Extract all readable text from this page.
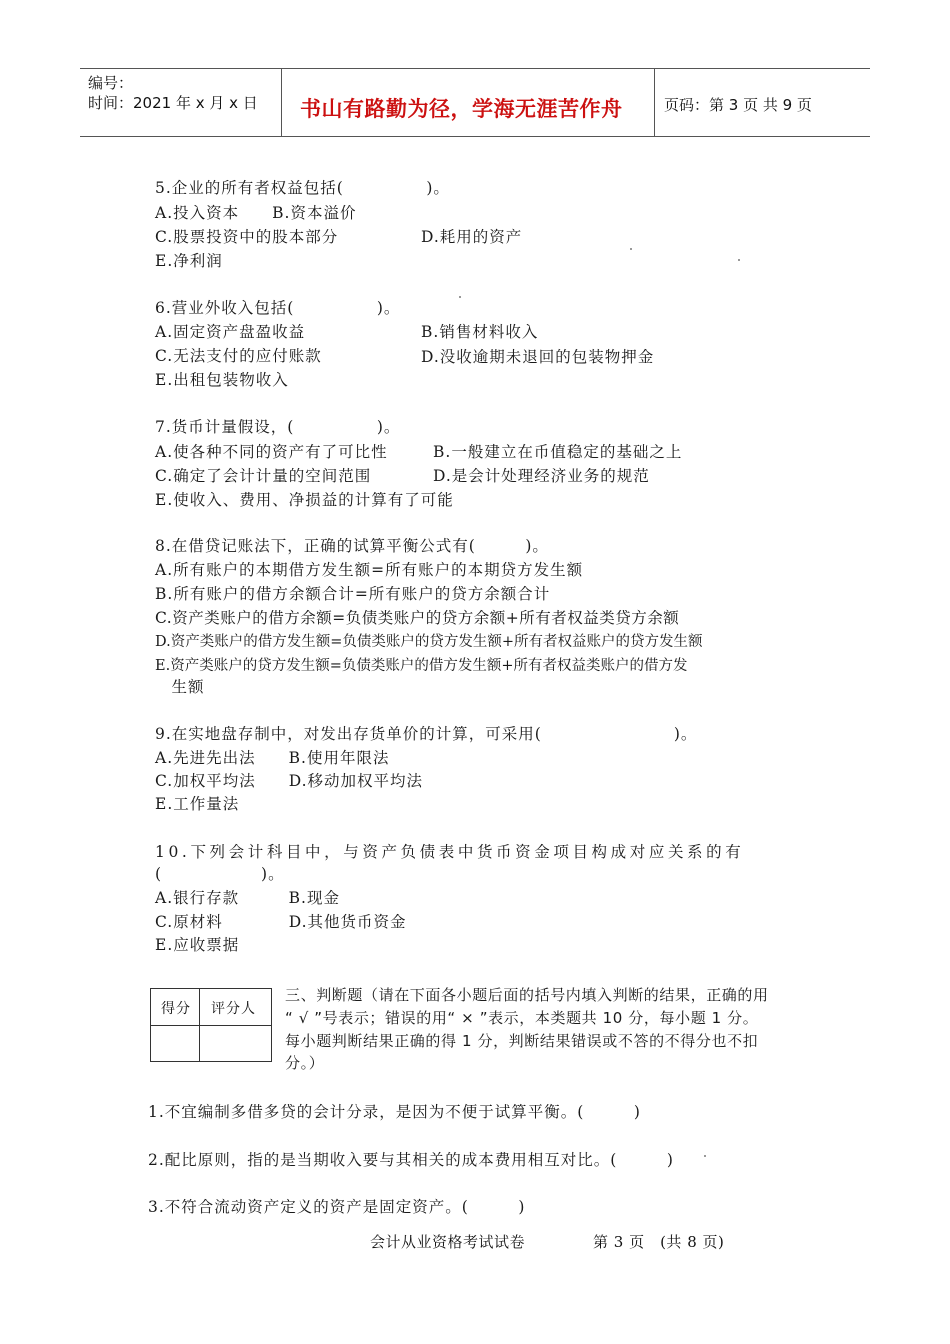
编号：
时间：2021 年 x 月 x 日 书山有路勤为径，学海无涯苦作舟	页码：第 3 页 共 9 页
5.企业的所有者权益包括(　　　　　)。
A.投入资本　　B.资本溢价
C.股票投资中的股本部分	D.耗用的资产
E.净利润
6.营业外收入包括(　　　　　)。
A.固定资产盘盈收益	B.销售材料收入
C.无法支付的应付账款	D.没收逾期未退回的包装物押金
E.出租包装物收入
7.货币计量假设，(　　　　　)。
A.使各种不同的资产有了可比性	B.一般建立在币值稳定的基础之上
C.确定了会计计量的空间范围	D.是会计处理经济业务的规范
E.使收入、费用、净损益的计算有了可能
8.在借贷记账法下，正确的试算平衡公式有(　　　)。
A.所有账户的本期借方发生额=所有账户的本期贷方发生额
B.所有账户的借方余额合计=所有账户的贷方余额合计
C.资产类账户的借方余额=负债类账户的贷方余额+所有者权益类贷方余额
D.资产类账户的借方发生额=负债类账户的贷方发生额+所有者权益账户的贷方发生额
E.资产类账户的贷方发生额=负债类账户的借方发生额+所有者权益类账户的借方发
　生额
9.在实地盘存制中，对发出存货单价的计算，可采用(　　　　　　　　)。
A.先进先出法　　B.使用年限法
C.加权平均法　　D.移动加权平均法
E.工作量法
10.下列会计科目中，与资产负债表中货币资金项目构成对应关系的有
(　　　　　　)。
A.银行存款　　　B.现金
C.原材料　　　　D.其他货币资金
E.应收票据
得分 评分人
三、判断题（请在下面各小题后面的括号内填入判断的结果，正确的用
“ √ ”号表示；错误的用“ × ”表示，本类题共 10 分，每小题 1 分。
每小题判断结果正确的得 1 分，判断结果错误或不答的不得分也不扣
分。）
1.不宜编制多借多贷的会计分录，是因为不便于试算平衡。(　　　)
2.配比原则，指的是当期收入要与其相关的成本费用相互对比。(　　　)
3.不符合流动资产定义的资产是固定资产。(　　　)
会计从业资格考试试卷	第 3 页　(共 8 页)
